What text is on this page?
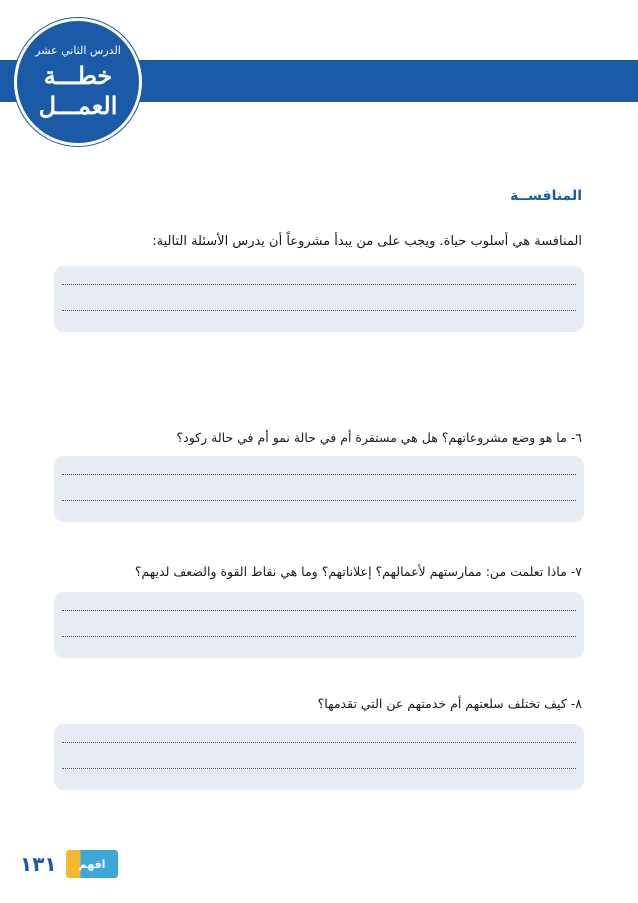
الدرس الثاني عشر
خطـــة
العمـــل
المنافســة
المنافسة هي أسلوب حياة. ويجب على من يبدأ مشروعاً أن يدرس الأسئلة التالية:
٦- ما هو وضع مشروعاتهم؟ هل هي مستقرة أم في حالة نمو أم في حالة ركود؟
٧- ماذا تعلمت من: ممارستهم لأعمالهم؟ إعلاناتهم؟ وما هي نقاط القوة والضعف لديهم؟
٨- كيف تختلف سلعتهم أم خدمتهم عن التي تقدمها؟
١٣١ افهم
